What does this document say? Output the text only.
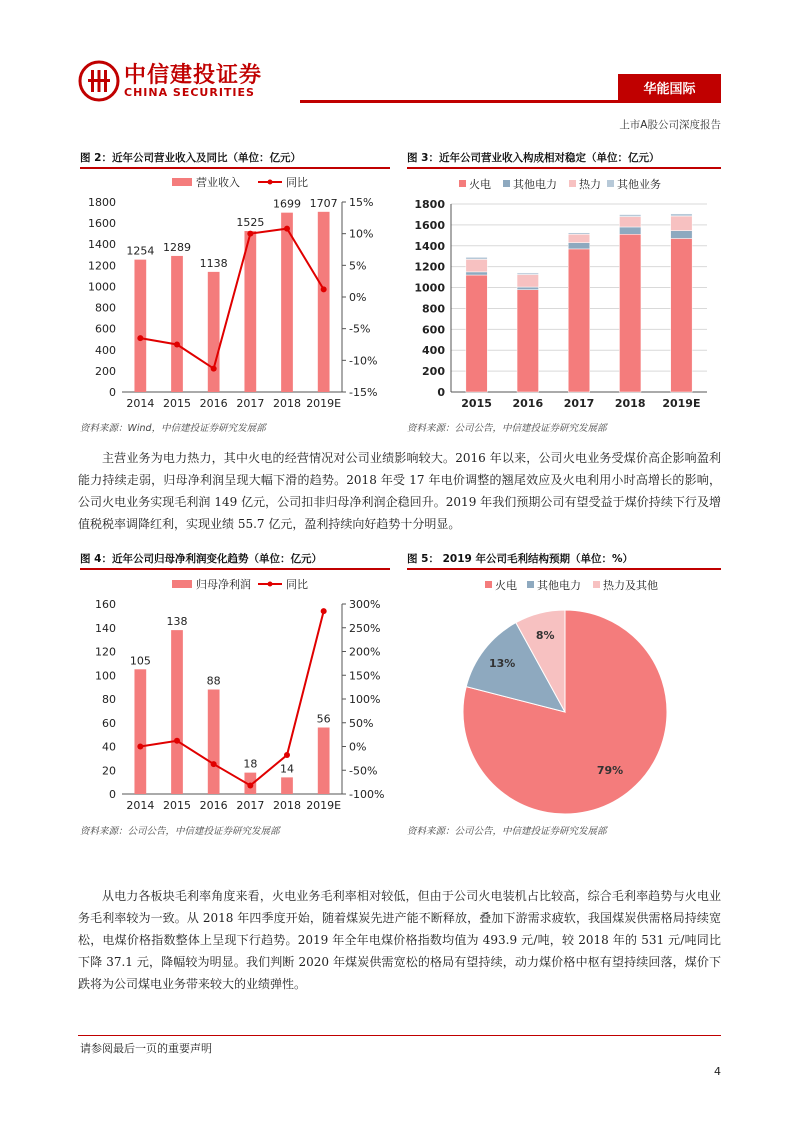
中信建投证券
CHINA SECURITIES	华能国际
上市A股公司深度报告
图 2：近年公司营业收入及同比（单位：亿元）
营业收入	同比
0
200
400
600
800
1000
1200
1400
1600
1800
-15%
-10%
-5%
0%
5%
10%
15%
1254
2014
1289
2015
1138
2016
1525
2017
1699
2018
1707
2019E
资料来源：Wind，中信建投证券研究发展部
图 3：近年公司营业收入构成相对稳定（单位：亿元）
火电 其他电力 热力 其他业务
0
200
400
600
800
1000
1200
1400
1600
1800
2015 2016 2017 2018 2019E
资料来源：公司公告，中信建投证券研究发展部
主营业务为电力热力，其中火电的经营情况对公司业绩影响较大。2016 年以来，公司火电业务受煤价高企影响盈利能力持续走弱，归母净利润呈现大幅下滑的趋势。2018 年受 17 年电价调整的翘尾效应及火电利用小时高增长的影响，公司火电业务实现毛利润 149 亿元，公司扣非归母净利润企稳回升。2019 年我们预期公司有望受益于煤价持续下行及增值税税率调降红利，实现业绩 55.7 亿元，盈利持续向好趋势十分明显。
图 4：近年公司归母净利润变化趋势（单位：亿元）
归母净利润	同比
0
20
40
60
80
100
120
140
160
-100%
-50%
0%
50%
100%
150%
200%
250%
300%
105
2014
138
2015
88
2016
18
2017
14
2018
56
2019E
资料来源：公司公告，中信建投证券研究发展部
图 5： 2019 年公司毛利结构预期（单位：%）
火电 其他电力 热力及其他
79%
13%
8%
资料来源：公司公告，中信建投证券研究发展部
从电力各板块毛利率角度来看，火电业务毛利率相对较低，但由于公司火电装机占比较高，综合毛利率趋势与火电业务毛利率较为一致。从 2018 年四季度开始，随着煤炭先进产能不断释放，叠加下游需求疲软，我国煤炭供需格局持续宽松，电煤价格指数整体上呈现下行趋势。2019 年全年电煤价格指数均值为 493.9 元/吨，较 2018 年的 531 元/吨同比下降 37.1 元，降幅较为明显。我们判断 2020 年煤炭供需宽松的格局有望持续，动力煤价格中枢有望持续回落，煤价下跌将为公司煤电业务带来较大的业绩弹性。
请参阅最后一页的重要声明
4
